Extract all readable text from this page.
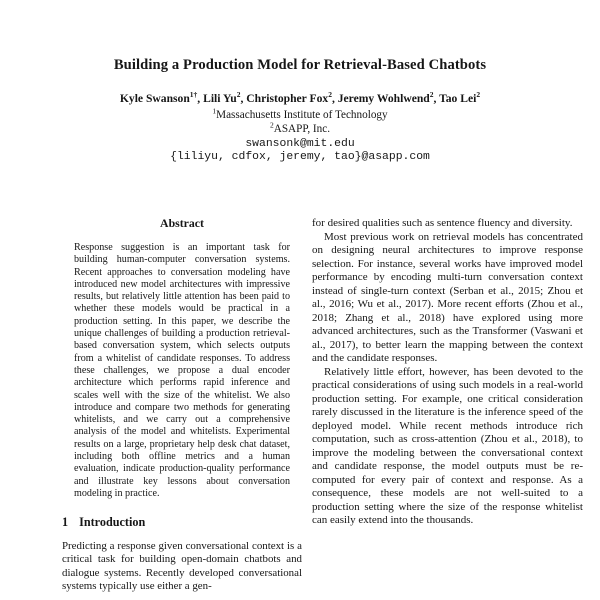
Building a Production Model for Retrieval-Based Chatbots
Kyle Swanson$^{1\dagger}$, Lili Yu$^2$, Christopher Fox$^2$, Jeremy Wohlwend$^2$, Tao Lei$^2$
$^1$Massachusetts Institute of Technology
$^2$ASAPP, Inc.
swansonk@mit.edu
{liliyu, cdfox, jeremy, tao}@asapp.com
Abstract

Response suggestion is an important task for building human-computer conversation systems. Recent approaches to conversation modeling have introduced new model architectures with impressive results, but relatively little attention has been paid to whether these models would be practical in a production setting. In this paper, we describe the unique challenges of building a production retrieval-based conversation system, which selects outputs from a whitelist of candidate responses. To address these challenges, we propose a dual encoder architecture which performs rapid inference and scales well with the size of the whitelist. We also introduce and compare two methods for generating whitelists, and we carry out a comprehensive analysis of the model and whitelists. Experimental results on a large, proprietary help desk chat dataset, including both offline metrics and a human evaluation, indicate production-quality performance and illustrate key lessons about conversation modeling in practice.

1 Introduction

Predicting a response given conversational context is a critical task for building open-domain chatbots and dialogue systems. Recently developed conversational systems typically use either a gen-

for desired qualities such as sentence fluency and diversity.

Most previous work on retrieval models has concentrated on designing neural architectures to improve response selection. For instance, several works have improved model performance by encoding multi-turn conversation context instead of single-turn context (Serban et al., 2015; Zhou et al., 2016; Wu et al., 2017). More recent efforts (Zhou et al., 2018; Zhang et al., 2018) have explored using more advanced architectures, such as the Transformer (Vaswani et al., 2017), to better learn the mapping between the context and the candidate responses.

Relatively little effort, however, has been devoted to the practical considerations of using such models in a real-world production setting. For example, one critical consideration rarely discussed in the literature is the inference speed of the deployed model. While recent methods introduce rich computation, such as cross-attention (Zhou et al., 2018), to improve the modeling between the conversational context and candidate response, the model outputs must be re-computed for every pair of context and response. As a consequence, these models are not well-suited to a production setting where the size of the response whitelist can easily extend into the thousands.
